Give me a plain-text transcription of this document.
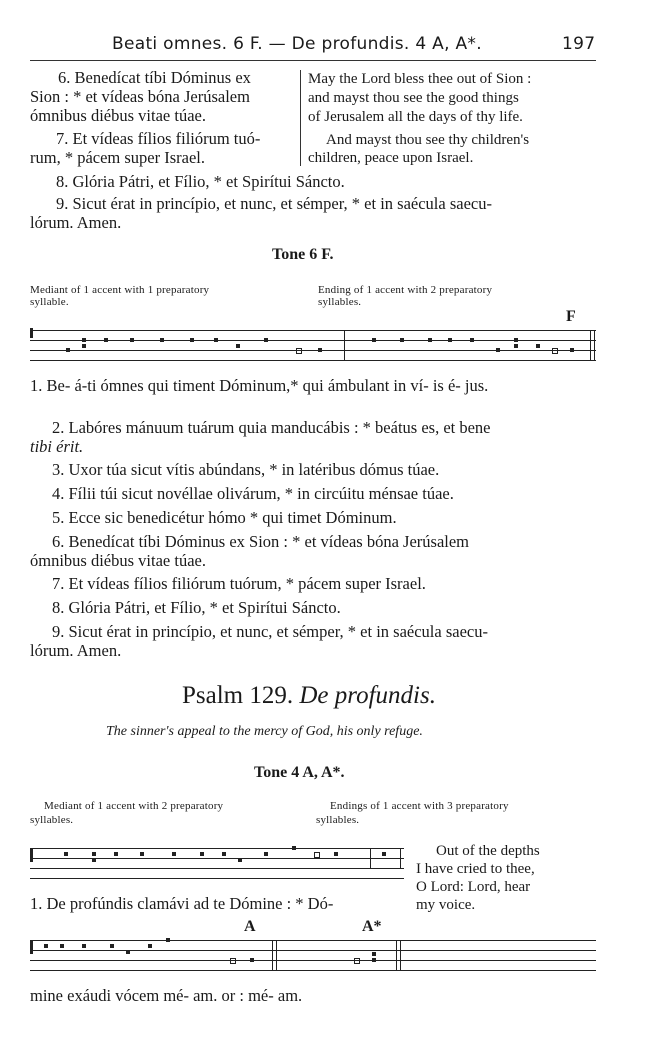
Beati omnes. 6 F. — De profundis. 4 A, A*.	197
6. Benedícat tíbi Dóminus ex
Sion : * et vídeas bóna Jerúsalem
ómnibus diébus vitae túae.
7. Et vídeas fílios filiórum tuó-
rum, * pácem super Israel.
May the Lord bless thee out of Sion :
and mayst thou see the good things
of Jerusalem all the days of thy life.
And mayst thou see thy children's
children, peace upon Israel.
8. Glória Pátri, et Fílio, * et Spirítui Sáncto.
9. Sicut érat in princípio, et nunc, et sémper, * et in saécula saecu-
lórum. Amen.
Tone 6 F.
Mediant of 1 accent with 1 preparatory
syllable.
Ending of 1 accent with 2 preparatory
syllables.
F
1. Be- á-ti ómnes qui timent Dóminum,* qui ámbulant in ví- is é- jus.
2. Labóres mánuum tuárum quia manducábis : * beátus es, et bene
tibi érit.
3. Uxor túa sicut vítis abúndans, * in latéribus dómus túae.
4. Fílii túi sicut novéllae olivárum, * in circúitu ménsae túae.
5. Ecce sic benedicétur hómo * qui timet Dóminum.
6. Benedícat tíbi Dóminus ex Sion : * et vídeas bóna Jerúsalem
ómnibus diébus vitae túae.
7. Et vídeas fílios filiórum tuórum, * pácem super Israel.
8. Glória Pátri, et Fílio, * et Spirítui Sáncto.
9. Sicut érat in princípio, et nunc, et sémper, * et in saécula saecu-
lórum. Amen.
Psalm 129. De profundis.
The sinner's appeal to the mercy of God, his only refuge.
Tone 4 A, A*.
Mediant of 1 accent with 2 preparatory
syllables.
Endings of 1 accent with 3 preparatory
syllables.
Out of the depths
I have cried to thee,
O Lord: Lord, hear
my voice.
1. De profúndis clamávi ad te Dómine : * Dó-
A	A*
mine exáudi vócem mé- am. or : mé- am.
